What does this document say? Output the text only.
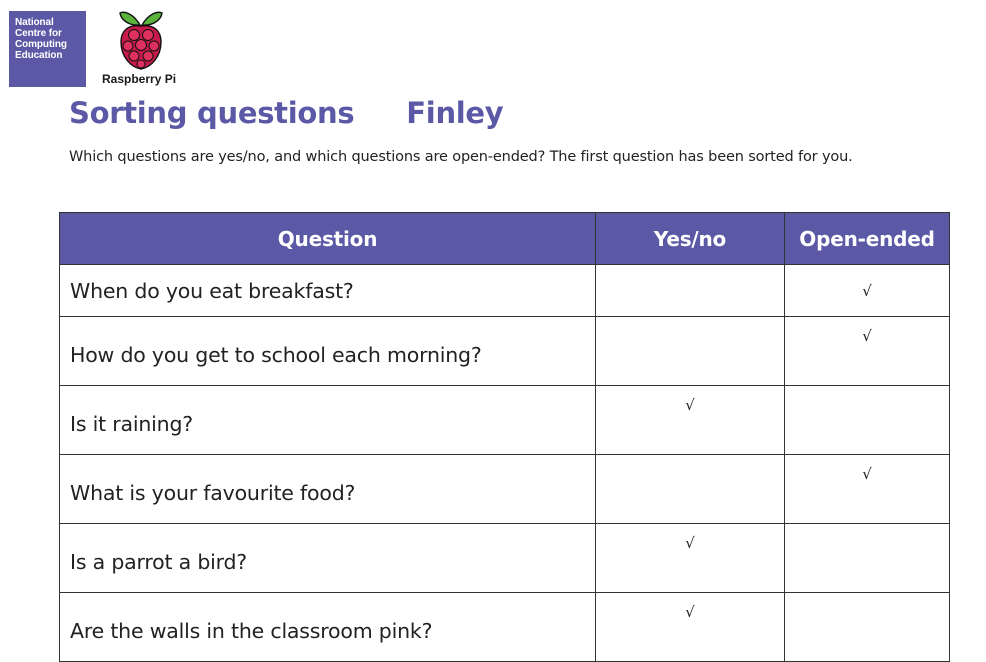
National
Centre for
Computing
Education
Raspberry Pi
Sorting questions Finley
Which questions are yes/no, and which questions are open-ended? The first question has been sorted for you.
Question	Yes/no	Open-ended
When do you eat breakfast?		√
How do you get to school each morning?		√
Is it raining?	√	
What is your favourite food?		√
Is a parrot a bird?	√	
Are the walls in the classroom pink?	√	
